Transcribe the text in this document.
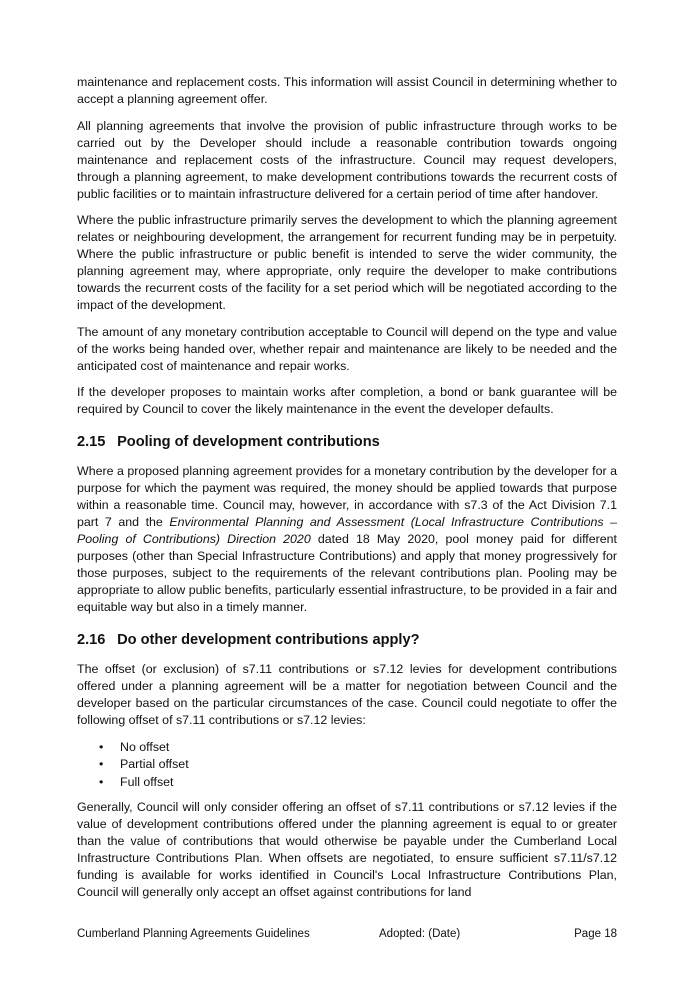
maintenance and replacement costs. This information will assist Council in determining whether to accept a planning agreement offer.

All planning agreements that involve the provision of public infrastructure through works to be carried out by the Developer should include a reasonable contribution towards ongoing maintenance and replacement costs of the infrastructure. Council may request developers, through a planning agreement, to make development contributions towards the recurrent costs of public facilities or to maintain infrastructure delivered for a certain period of time after handover.

Where the public infrastructure primarily serves the development to which the planning agreement relates or neighbouring development, the arrangement for recurrent funding may be in perpetuity. Where the public infrastructure or public benefit is intended to serve the wider community, the planning agreement may, where appropriate, only require the developer to make contributions towards the recurrent costs of the facility for a set period which will be negotiated according to the impact of the development.

The amount of any monetary contribution acceptable to Council will depend on the type and value of the works being handed over, whether repair and maintenance are likely to be needed and the anticipated cost of maintenance and repair works.

If the developer proposes to maintain works after completion, a bond or bank guarantee will be required by Council to cover the likely maintenance in the event the developer defaults.

2.15 Pooling of development contributions

Where a proposed planning agreement provides for a monetary contribution by the developer for a purpose for which the payment was required, the money should be applied towards that purpose within a reasonable time. Council may, however, in accordance with s7.3 of the Act Division 7.1 part 7 and the Environmental Planning and Assessment (Local Infrastructure Contributions – Pooling of Contributions) Direction 2020 dated 18 May 2020, pool money paid for different purposes (other than Special Infrastructure Contributions) and apply that money progressively for those purposes, subject to the requirements of the relevant contributions plan. Pooling may be appropriate to allow public benefits, particularly essential infrastructure, to be provided in a fair and equitable way but also in a timely manner.

2.16 Do other development contributions apply?

The offset (or exclusion) of s7.11 contributions or s7.12 levies for development contributions offered under a planning agreement will be a matter for negotiation between Council and the developer based on the particular circumstances of the case. Council could negotiate to offer the following offset of s7.11 contributions or s7.12 levies:

• No offset
• Partial offset
• Full offset

Generally, Council will only consider offering an offset of s7.11 contributions or s7.12 levies if the value of development contributions offered under the planning agreement is equal to or greater than the value of contributions that would otherwise be payable under the Cumberland Local Infrastructure Contributions Plan. When offsets are negotiated, to ensure sufficient s7.11/s7.12 funding is available for works identified in Council's Local Infrastructure Contributions Plan, Council will generally only accept an offset against contributions for land

Cumberland Planning Agreements Guidelines	Adopted: (Date)	Page 18
